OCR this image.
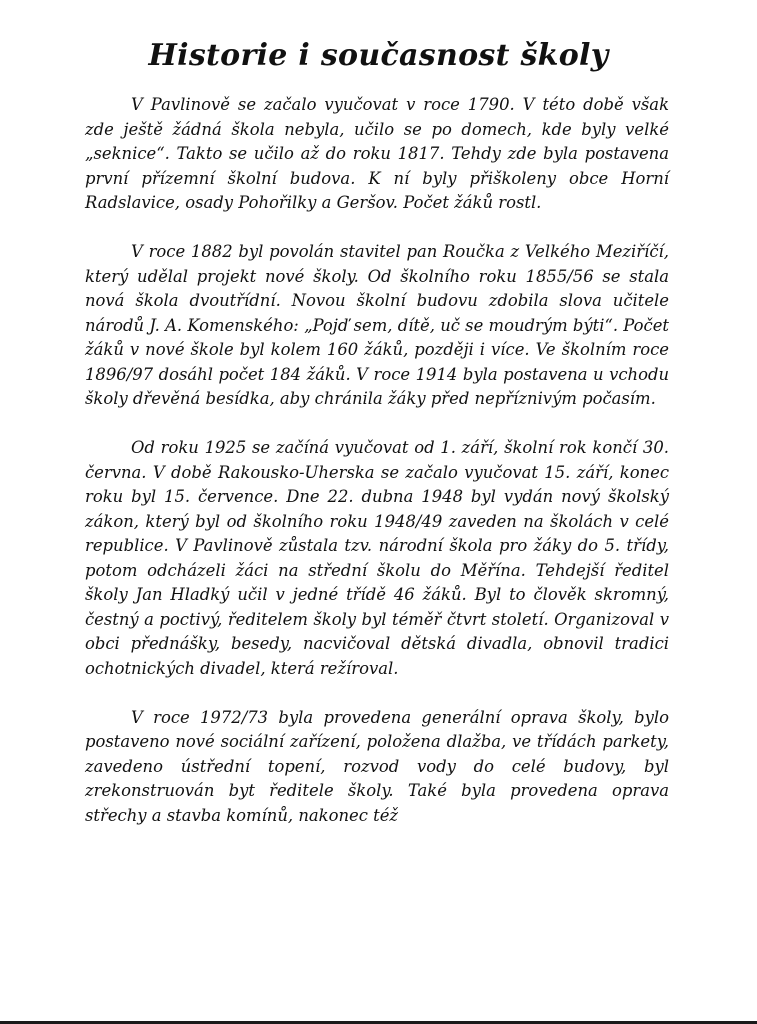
Historie i současnost školy

V Pavlinově se začalo vyučovat v roce 1790. V této době však zde ještě žádná škola nebyla, učilo se po domech, kde byly velké „seknice“. Takto se učilo až do roku 1817. Tehdy zde byla postavena první přízemní školní budova. K ní byly přiškoleny obce Horní Radslavice, osady Pohořilky a Geršov. Počet žáků rostl.

V roce 1882 byl povolán stavitel pan Roučka z Velkého Meziříčí, který udělal projekt nové školy. Od školního roku 1855/56 se stala nová škola dvoutřídní. Novou školní budovu zdobila slova učitele národů J. A. Komenského: „Pojď sem, dítě, uč se moudrým býti“. Počet žáků v nové škole byl kolem 160 žáků, později i více. Ve školním roce 1896/97 dosáhl počet 184 žáků. V roce 1914 byla postavena u vchodu školy dřevěná besídka, aby chránila žáky před nepříznivým počasím.

Od roku 1925 se začíná vyučovat od 1. září, školní rok končí 30. června. V době Rakousko-Uherska se začalo vyučovat 15. září, konec roku byl 15. července. Dne 22. dubna 1948 byl vydán nový školský zákon, který byl od školního roku 1948/49 zaveden na školách v celé republice. V Pavlinově zůstala tzv. národní škola pro žáky do 5. třídy, potom odcházeli žáci na střední školu do Měřína. Tehdejší ředitel školy Jan Hladký učil v jedné třídě 46 žáků. Byl to člověk skromný, čestný a poctivý, ředitelem školy byl téměř čtvrt století. Organizoval v obci přednášky, besedy, nacvičoval dětská divadla, obnovil tradici ochotnických divadel, která režíroval.

V roce 1972/73 byla provedena generální oprava školy, bylo postaveno nové sociální zařízení, položena dlažba, ve třídách parkety, zavedeno ústřední topení, rozvod vody do celé budovy, byl zrekonstruován byt ředitele školy. Také byla provedena oprava střechy a stavba komínů, nakonec též
